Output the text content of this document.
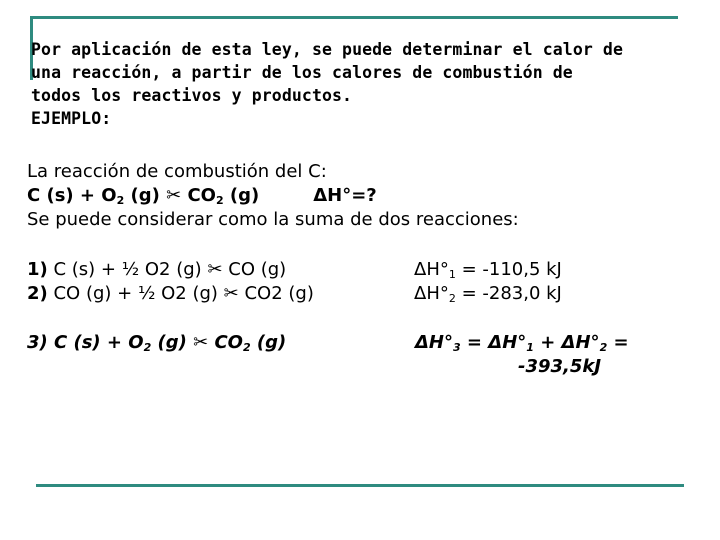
Por aplicación de esta ley, se puede determinar el calor de
una reacción, a partir de los calores de combustión de
todos los reactivos y productos.
EJEMPLO:
La reacción de combustión del C:
C $(s) + O_2$ (g) ✂ $CO_2$ (g)	ΔH°=?
Se puede considerar como la suma de dos reacciones:
1) C (s) + ½ O2 (g) ✂ CO (g)	$\Delta H^\circ_1 = -110,5$ kJ
2) CO (g) + ½ O2 (g) ✂ CO2 (g)	$\Delta H^\circ_2 = -283,0$ kJ
3) C $(s) + O_2$ (g) ✂ $CO_2$ (g)	$\Delta H^\circ_3 = \Delta H^\circ_1 + \Delta H^\circ_2$ =
-393,5kJ
